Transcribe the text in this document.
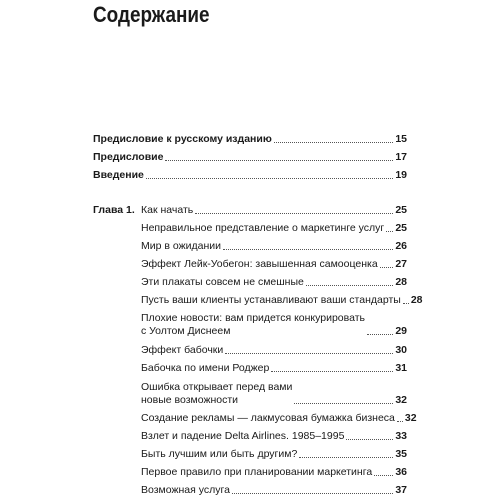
Содержание
Предисловие к русскому изданию	15
Предисловие	17
Введение	19
Глава 1. Как начать	25
Неправильное представление о маркетинге услуг 25
Мир в ожидании	26
Эффект Лейк-Уобегон: завышенная самооценка 27
Эти плакаты совсем не смешные	28
Пусть ваши клиенты устанавливают ваши стандарты 28
Плохие новости: вам придется конкурировать
с Уолтом Диснеем	29
Эффект бабочки	30
Бабочка по имени Роджер	31
Ошибка открывает перед вами
новые возможности	32
Создание рекламы — лакмусовая бумажка бизнеса 32
Взлет и падение Delta Airlines. 1985–1995	33
Быть лучшим или быть другим?	35
Первое правило при планировании маркетинга 36
Возможная услуга	37
